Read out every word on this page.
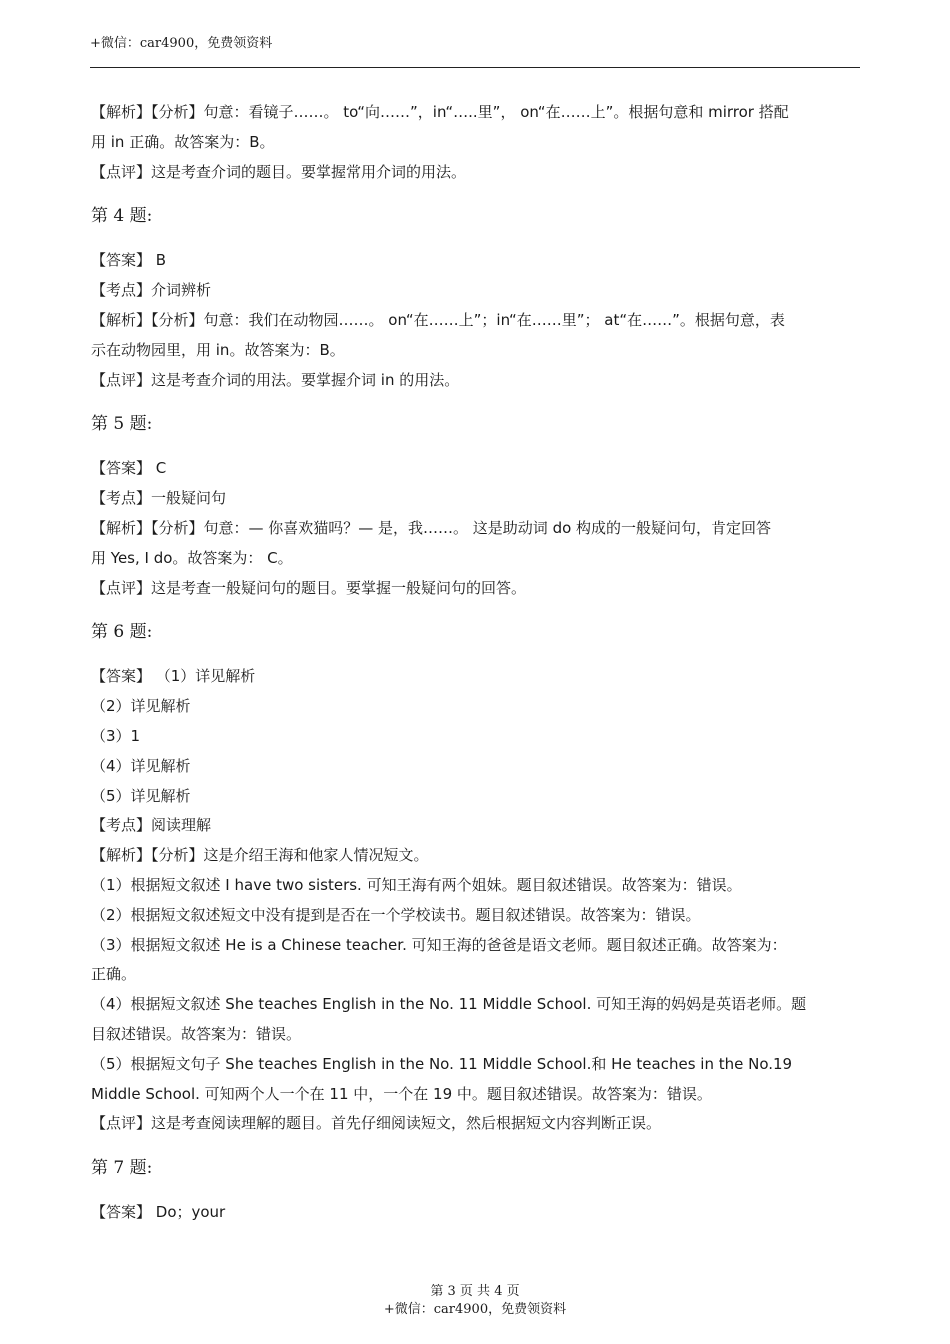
+微信：car4900，免费领资料
【解析】【分析】句意：看镜子……。 to“向……”，in“…..里”， on“在……上”。根据句意和 mirror 搭配
用 in 正确。故答案为：B。
【点评】这是考查介词的题目。要掌握常用介词的用法。
第 4 题:
【答案】 B
【考点】介词辨析
【解析】【分析】句意：我们在动物园……。 on“在……上”；in“在……里”； at“在……”。根据句意，表
示在动物园里，用 in。故答案为：B。
【点评】这是考查介词的用法。要掌握介词 in 的用法。
第 5 题:
【答案】 C
【考点】一般疑问句
【解析】【分析】句意：— 你喜欢猫吗？— 是，我……。 这是助动词 do 构成的一般疑问句，肯定回答
用 Yes, I do。故答案为： C。
【点评】这是考查一般疑问句的题目。要掌握一般疑问句的回答。
第 6 题:
【答案】 （1）详见解析
（2）详见解析
（3）1
（4）详见解析
（5）详见解析
【考点】阅读理解
【解析】【分析】这是介绍王海和他家人情况短文。
（1）根据短文叙述 I have two sisters. 可知王海有两个姐妹。题目叙述错误。故答案为：错误。
（2）根据短文叙述短文中没有提到是否在一个学校读书。题目叙述错误。故答案为：错误。
（3）根据短文叙述 He is a Chinese teacher. 可知王海的爸爸是语文老师。题目叙述正确。故答案为：
正确。
（4）根据短文叙述 She teaches English in the No. 11 Middle School. 可知王海的妈妈是英语老师。题
目叙述错误。故答案为：错误。
（5）根据短文句子 She teaches English in the No. 11 Middle School.和 He teaches in the No.19
Middle School. 可知两个人一个在 11 中，一个在 19 中。题目叙述错误。故答案为：错误。
【点评】这是考查阅读理解的题目。首先仔细阅读短文，然后根据短文内容判断正误。
第 7 题:
【答案】 Do；your
第 3 页 共 4 页
+微信：car4900，免费领资料
